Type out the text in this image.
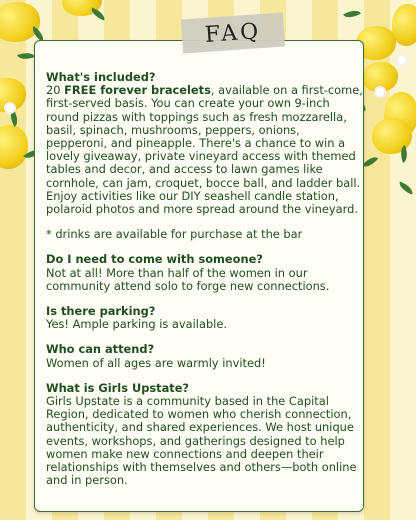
FAQ

What's included?

20 FREE forever bracelets, available on a first-come, first-served basis. You can create your own 9-inch round pizzas with toppings such as fresh mozzarella, basil, spinach, mushrooms, peppers, onions, pepperoni, and pineapple. There's a chance to win a lovely giveaway, private vineyard access with themed tables and decor, and access to lawn games like cornhole, can jam, croquet, bocce ball, and ladder ball. Enjoy activities like our DIY seashell candle station, polaroid photos and more spread around the vineyard.

* drinks are available for purchase at the bar

Do I need to come with someone?

Not at all! More than half of the women in our community attend solo to forge new connections.

Is there parking?

Yes! Ample parking is available.

Who can attend?

Women of all ages are warmly invited!

What is Girls Upstate?

Girls Upstate is a community based in the Capital Region, dedicated to women who cherish connection, authenticity, and shared experiences. We host unique events, workshops, and gatherings designed to help women make new connections and deepen their relationships with themselves and others—both online and in person.
